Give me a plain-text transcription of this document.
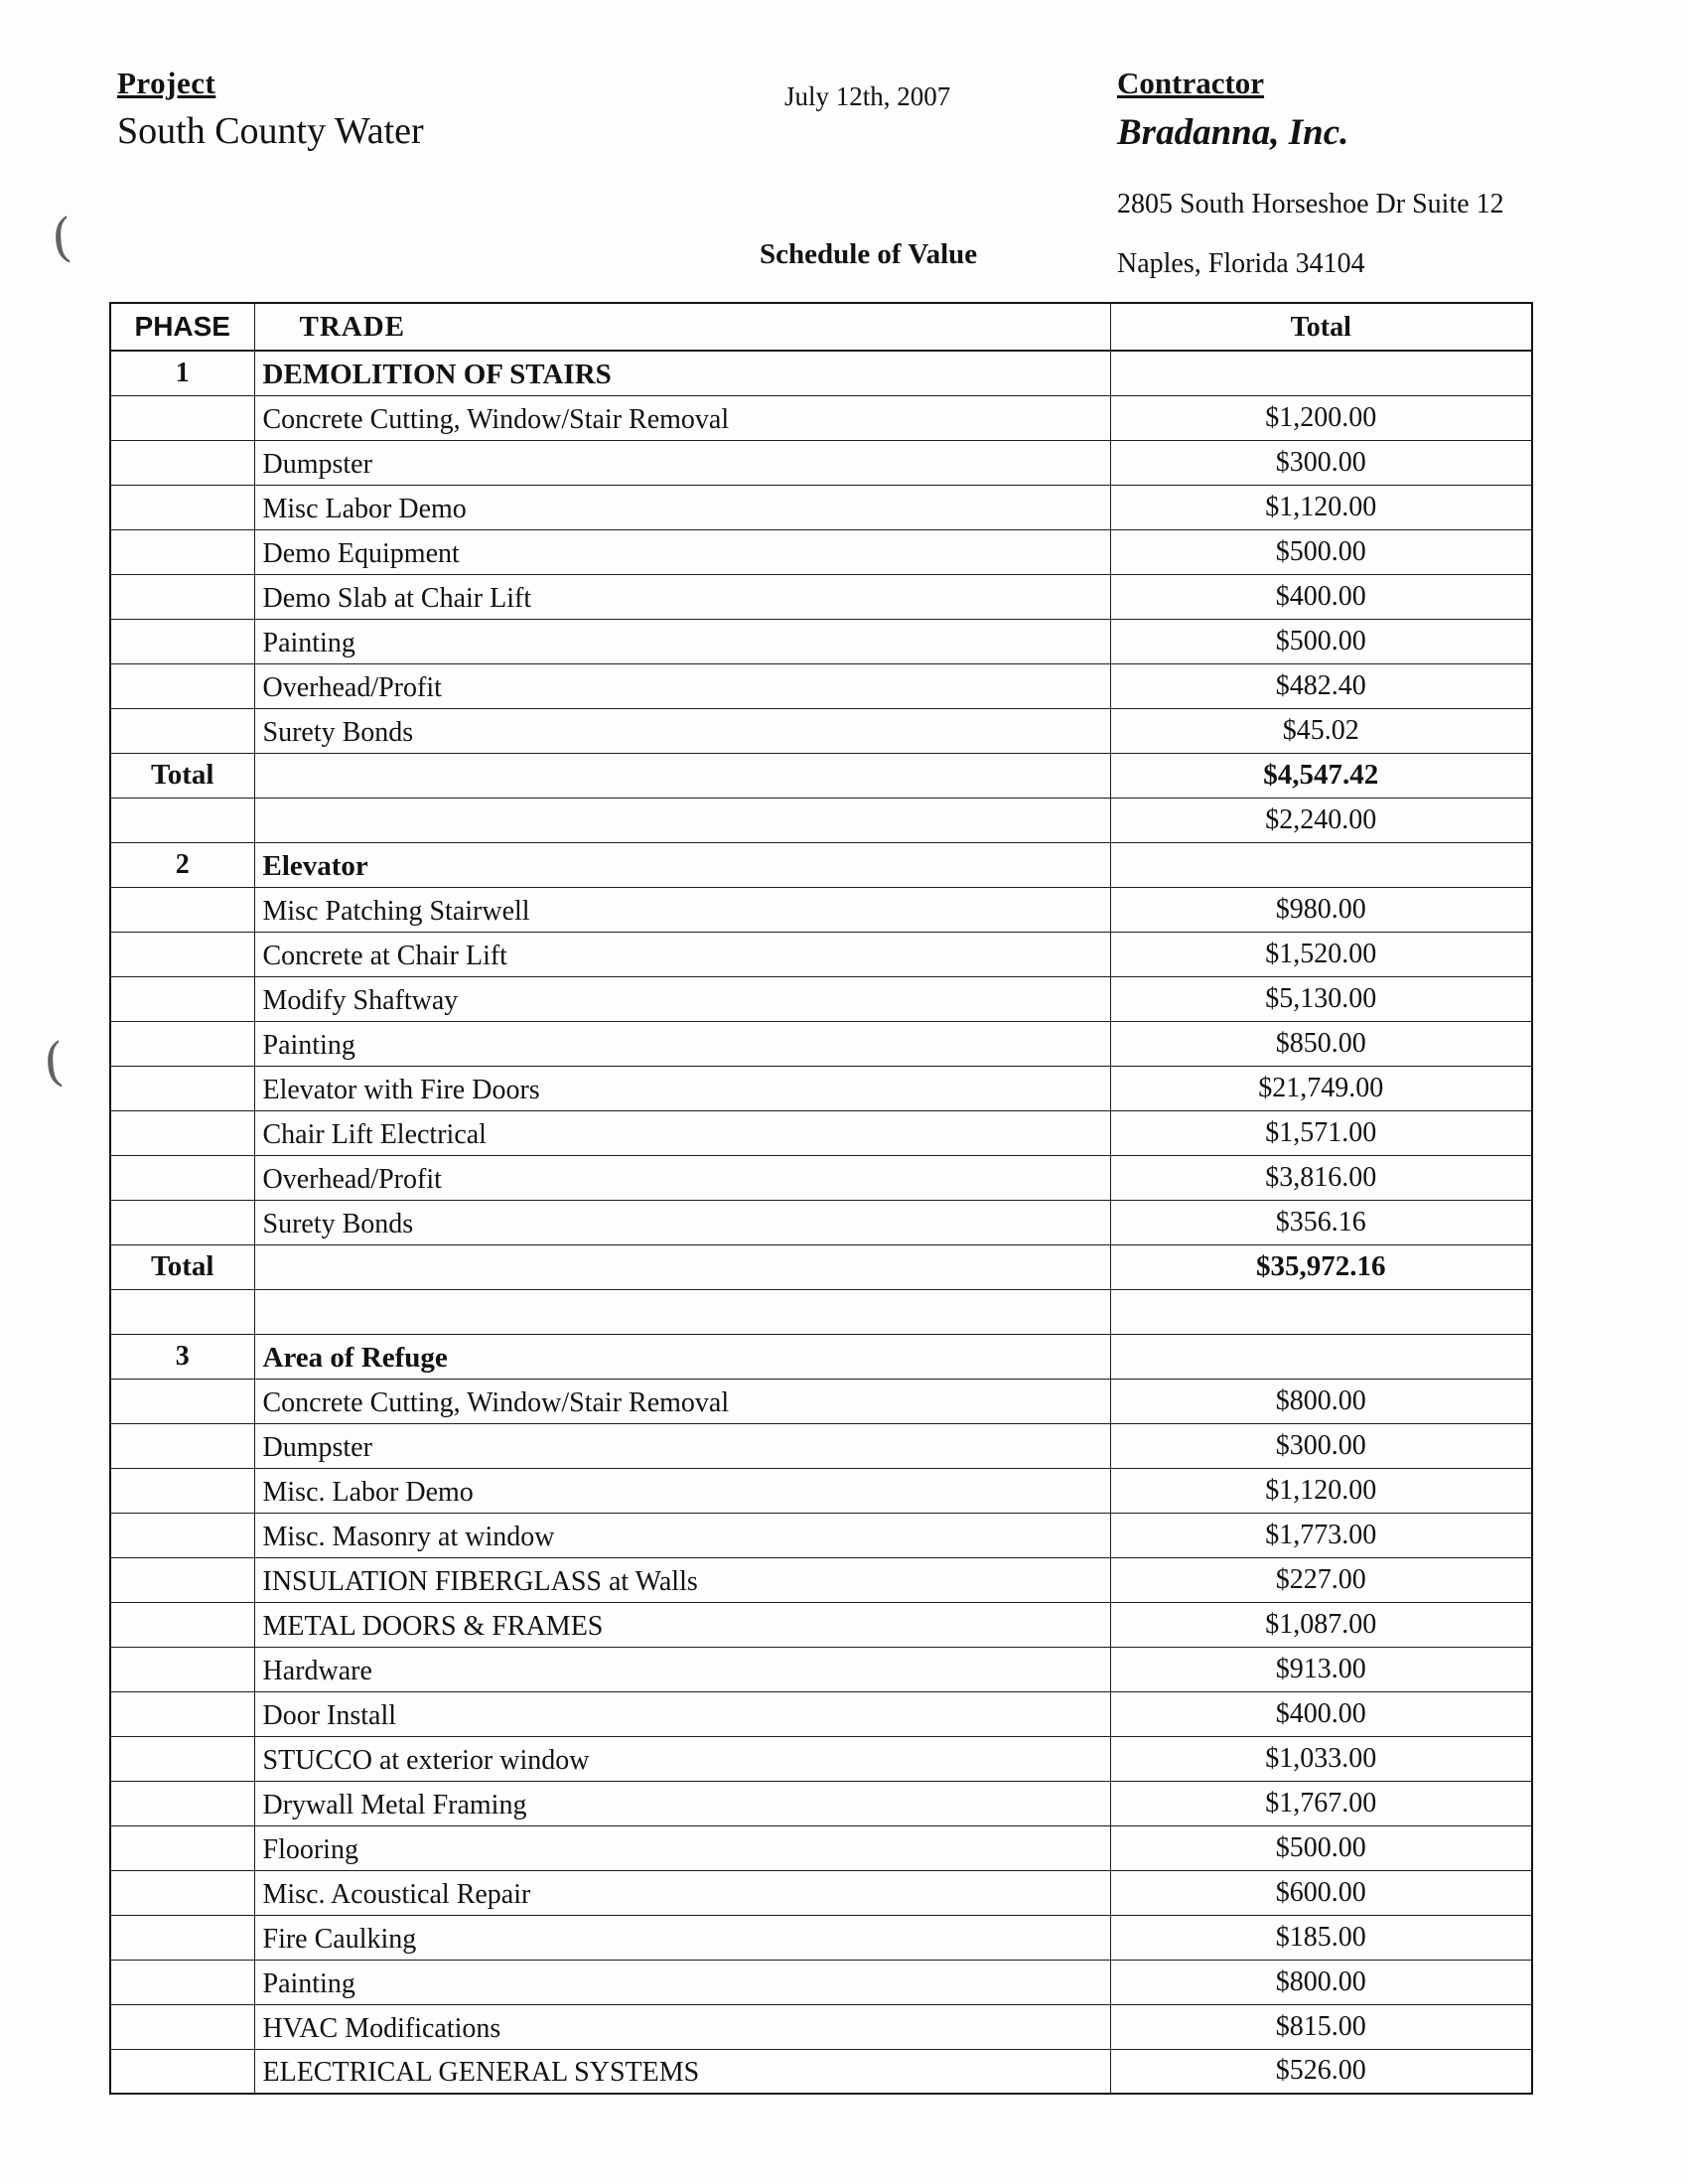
Project
South County Water
July 12th, 2007
Schedule of Value
Contractor
Bradanna, Inc.
2805 South Horseshoe Dr Suite 12
Naples, Florida 34104
(
(
PHASE	TRADE	Total
1	DEMOLITION OF STAIRS	
	Concrete Cutting, Window/Stair Removal	$1,200.00
	Dumpster	$300.00
	Misc Labor Demo	$1,120.00
	Demo Equipment	$500.00
	Demo Slab at Chair Lift	$400.00
	Painting	$500.00
	Overhead/Profit	$482.40
	Surety Bonds	$45.02
Total		$4,547.42
		$2,240.00
2	Elevator	
	Misc Patching Stairwell	$980.00
	Concrete at Chair Lift	$1,520.00
	Modify Shaftway	$5,130.00
	Painting	$850.00
	Elevator with Fire Doors	$21,749.00
	Chair Lift Electrical	$1,571.00
	Overhead/Profit	$3,816.00
	Surety Bonds	$356.16
Total		$35,972.16

3	Area of Refuge	
	Concrete Cutting, Window/Stair Removal	$800.00
	Dumpster	$300.00
	Misc. Labor Demo	$1,120.00
	Misc. Masonry at window	$1,773.00
	INSULATION FIBERGLASS at Walls	$227.00
	METAL DOORS & FRAMES	$1,087.00
	Hardware	$913.00
	Door Install	$400.00
	STUCCO at exterior window	$1,033.00
	Drywall Metal Framing	$1,767.00
	Flooring	$500.00
	Misc. Acoustical Repair	$600.00
	Fire Caulking	$185.00
	Painting	$800.00
	HVAC Modifications	$815.00
	ELECTRICAL GENERAL SYSTEMS	$526.00
